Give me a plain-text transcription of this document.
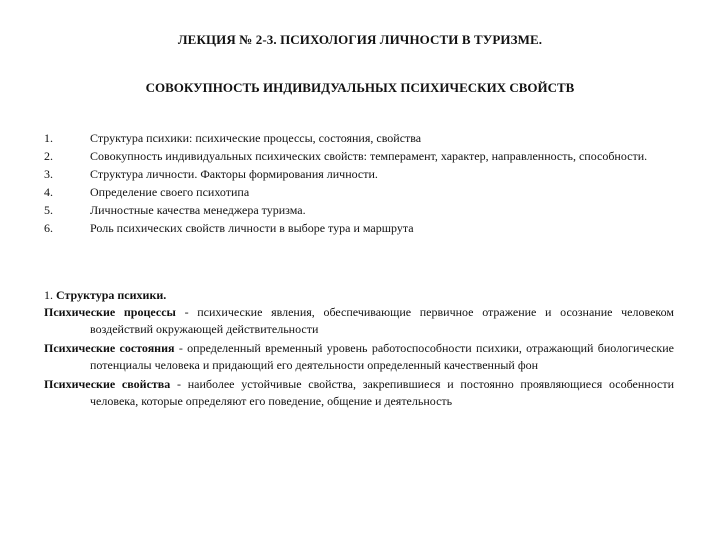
ЛЕКЦИЯ № 2-3. ПСИХОЛОГИЯ ЛИЧНОСТИ В ТУРИЗМЕ.
СОВОКУПНОСТЬ ИНДИВИДУАЛЬНЫХ ПСИХИЧЕСКИХ СВОЙСТВ
1.	Структура психики: психические процессы, состояния, свойства
2.	Совокупность индивидуальных психических свойств: темперамент, характер, направленность, способности.
3.	Структура личности. Факторы формирования личности.
4.	Определение своего психотипа
5.	Личностные качества менеджера туризма.
6.	Роль психических свойств личности в выборе тура и маршрута
1. Структура психики.
Психические процессы - психические явления, обеспечивающие первичное отражение и осознание человеком воздействий окружающей действительности
Психические состояния - определенный временный уровень работоспособности психики, отражающий биологические потенциалы человека и придающий его деятельности определенный качественный фон
Психические свойства - наиболее устойчивые свойства, закрепившиеся и постоянно проявляющиеся особенности человека, которые определяют его поведение, общение и деятельность
